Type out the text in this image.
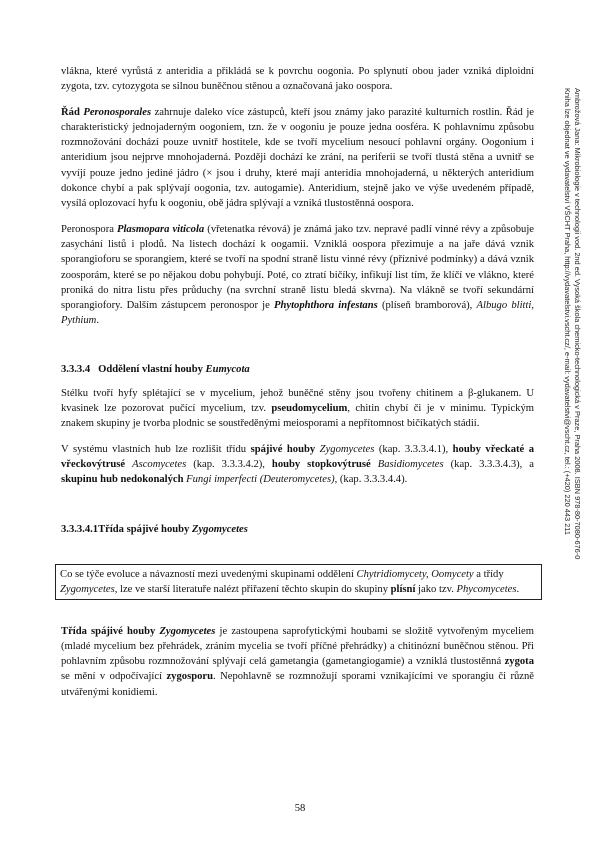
Ambrožová Jana: Mikrobiologie v technologii vod. 2nd ed. Vysoká škola chemicko-technologická v Praze, Praha 2008. ISBN 978-80-7080-676-0
Kniha lze objednat ve vydavatelství VŠCHT Praha, http://vydavatelstvi.vscht.cz/, e-mail: vydavatelstvi@vscht.cz, tel.: (+420) 220 443 211

vlákna, které vyrůstá z anteridia a přikládá se k povrchu oogonia. Po splynutí obou jader vzniká diploidní zygota, tzv. cytozygota se silnou buněčnou stěnou a označovaná jako oospora.

Řád Peronosporales zahrnuje daleko více zástupců, kteří jsou známy jako parazité kulturních rostlin. Řád je charakteristický jednojaderným oogoniem, tzn. že v oogoniu je pouze jedna oosféra. K pohlavnímu způsobu rozmnožování dochází pouze uvnitř hostitele, kde se tvoří mycelium nesoucí pohlavní orgány. Oogonium i anteridium jsou nejprve mnohojaderná. Později dochází ke zrání, na periferii se tvoří tlustá stěna a uvnitř se vyvíjí pouze jedno jediné jádro (× jsou i druhy, které mají anteridia mnohojaderná, u některých anteridium dokonce chybí a pak splývají oogonia, tzv. autogamie). Anteridium, stejně jako ve výše uvedeném případě, vysílá oplozovací hyfu k oogoniu, obě jádra splývají a vzniká tlustostěnná oospora.

Peronospora Plasmopara viticola (vřetenatka révová) je známá jako tzv. nepravé padlí vinné révy a způsobuje zasychání listů i plodů. Na listech dochází k oogamii. Vzniklá oospora přezimuje a na jaře dává vznik sporangioforu se sporangiem, které se tvoří na spodní straně listu vinné révy (příznivé podmínky) a dává vznik zoosporám, které se po nějakou dobu pohybují. Poté, co ztratí bičíky, infikují list tím, že klíčí ve vlákno, které proniká do nitra listu přes průduchy (na svrchní straně listu bledá skvrna). Na vlákně se tvoří sekundární sporangiofory. Dalším zástupcem peronospor je Phytophthora infestans (plíseň bramborová), Albugo blitti, Pythium.

3.3.3.4 Oddělení vlastní houby Eumycota

Stélku tvoří hyfy splétající se v mycelium, jehož buněčné stěny jsou tvořeny chitinem a β-glukanem. U kvasinek lze pozorovat pučící mycelium, tzv. pseudomycelium, chitin chybí či je v minimu. Typickým znakem skupiny je tvorba plodnic se soustředěnými meiosporami a nepřítomnost bičíkatých stádií.

V systému vlastních hub lze rozlišit třídu spájivé houby Zygomycetes (kap. 3.3.3.4.1), houby vřeckaté a vřeckovýtrusé Ascomycetes (kap. 3.3.3.4.2), houby stopkovýtrusé Basidiomycetes (kap. 3.3.3.4.3), a skupinu hub nedokonalých Fungi imperfecti (Deuteromycetes), (kap. 3.3.3.4.4).

3.3.3.4.1Třída spájivé houby Zygomycetes

Co se týče evoluce a návazností mezi uvedenými skupinami oddělení Chytridiomycety, Oomycety a třídy Zygomycetes, lze ve starší literatuře nalézt přiřazení těchto skupin do skupiny plísní jako tzv. Phycomycetes.

Třída spájivé houby Zygomycetes je zastoupena saprofytickými houbami se složitě vytvořeným myceliem (mladé mycelium bez přehrádek, zráním mycelia se tvoří příčné přehrádky) a chitinózní buněčnou stěnou. Při pohlavním způsobu rozmnožování splývají celá gametangia (gametangiogamie) a vzniklá tlustostěnná zygota se mění v odpočívající zygosporu. Nepohlavně se rozmnožují sporami vznikajícími ve sporangiu či různě utvářenými konidiemi.

58
